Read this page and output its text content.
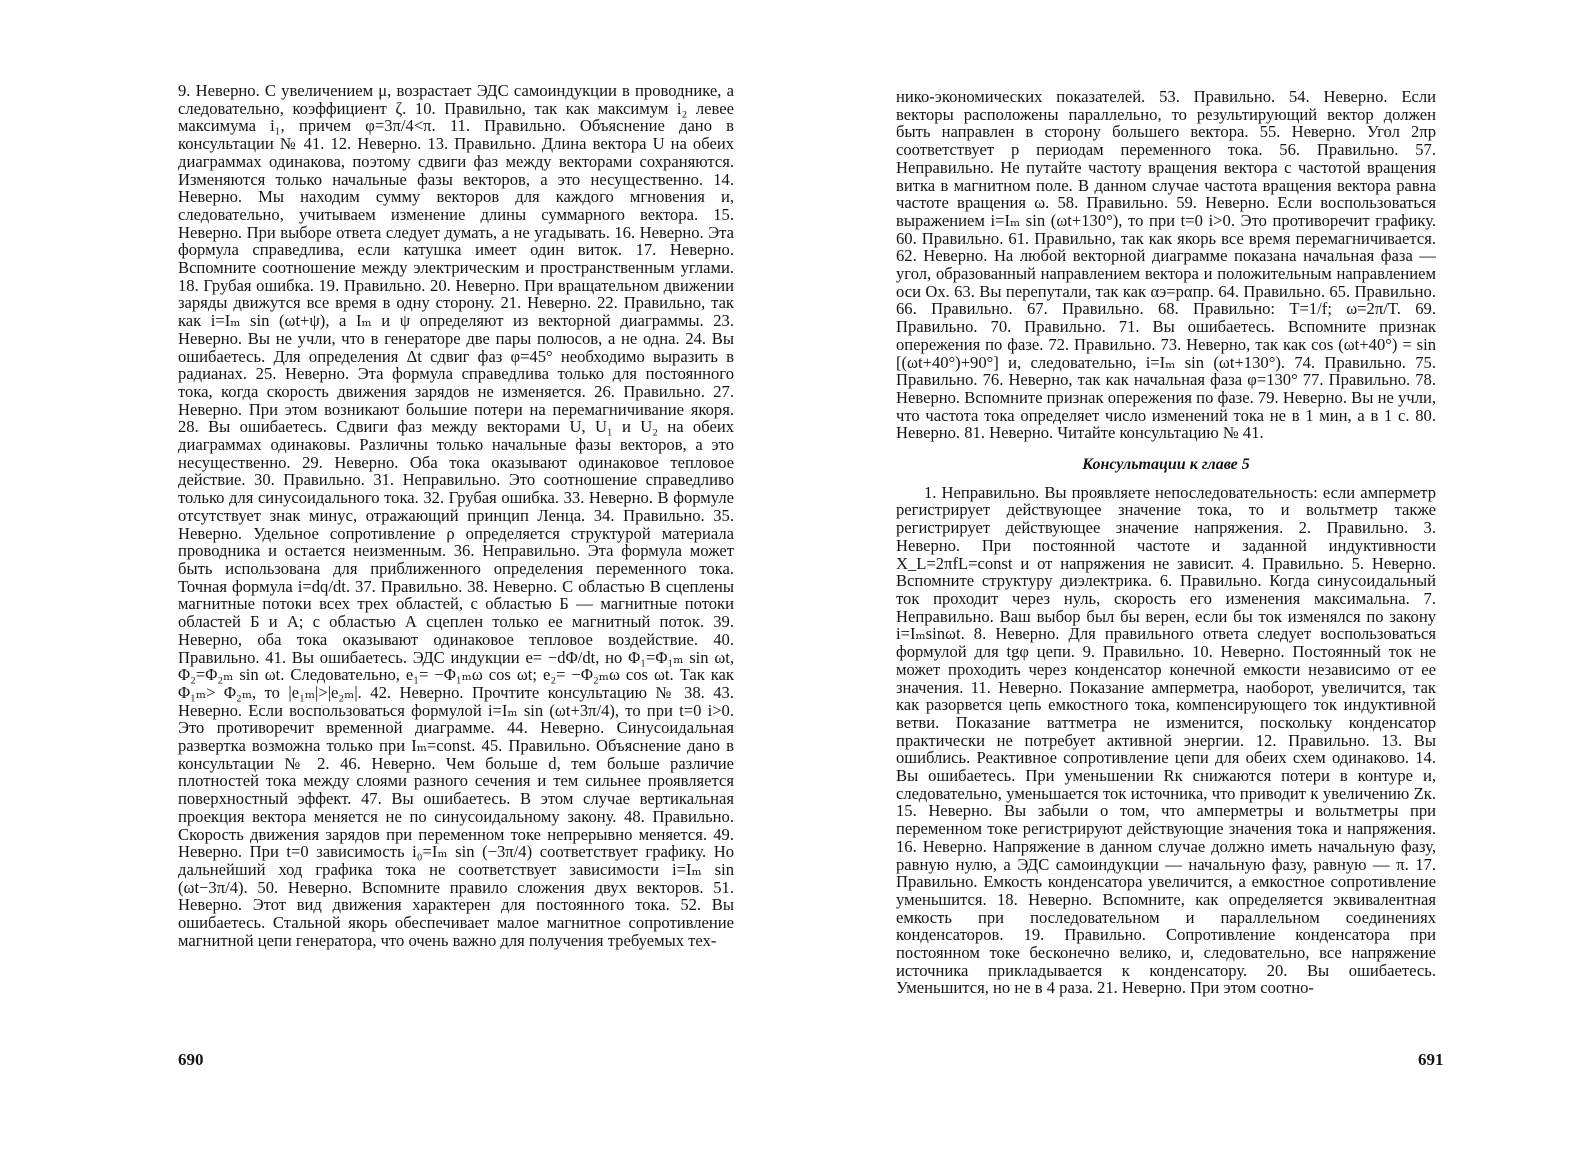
9. Неверно. С увеличением μ, возрастает ЭДС самоиндукции в проводнике, а следовательно, коэффициент ζ. 10. Правильно, так как максимум i₂ левее максимума i₁, причем φ=3π/4<π. 11. Правильно. Объяснение дано в консультации № 41. 12. Неверно. 13. Правильно. Длина вектора U на обеих диаграммах одинакова, поэтому сдвиги фаз между векторами сохраняются. Изменяются только начальные фазы векторов, а это несущественно. 14. Неверно. Мы находим сумму векторов для каждого мгновения и, следовательно, учитываем изменение длины суммарного вектора. 15. Неверно. При выборе ответа следует думать, а не угадывать. 16. Неверно. Эта формула справедлива, если катушка имеет один виток. 17. Неверно. Вспомните соотношение между электрическим и пространственным углами. 18. Грубая ошибка. 19. Правильно. 20. Неверно. При вращательном движении заряды движутся все время в одну сторону. 21. Неверно. 22. Правильно, так как i=Iₘ sin (ωt+ψ), а Iₘ и ψ определяют из векторной диаграммы. 23. Неверно. Вы не учли, что в генераторе две пары полюсов, а не одна. 24. Вы ошибаетесь. Для определения Δt сдвиг фаз φ=45° необходимо выразить в радианах. 25. Неверно. Эта формула справедлива только для постоянного тока, когда скорость движения зарядов не изменяется. 26. Правильно. 27. Неверно. При этом возникают большие потери на перемагничивание якоря. 28. Вы ошибаетесь. Сдвиги фаз между векторами U, U₁ и U₂ на обеих диаграммах одинаковы. Различны только начальные фазы векторов, а это несущественно. 29. Неверно. Оба тока оказывают одинаковое тепловое действие. 30. Правильно. 31. Неправильно. Это соотношение справедливо только для синусоидального тока. 32. Грубая ошибка. 33. Неверно. В формуле отсутствует знак минус, отражающий принцип Ленца. 34. Правильно. 35. Неверно. Удельное сопротивление ρ определяется структурой материала проводника и остается неизменным. 36. Неправильно. Эта формула может быть использована для приближенного определения переменного тока. Точная формула i=dq/dt. 37. Правильно. 38. Неверно. С областью В сцеплены магнитные потоки всех трех областей, с областью Б — магнитные потоки областей Б и А; с областью А сцеплен только ее магнитный поток. 39. Неверно, оба тока оказывают одинаковое тепловое воздействие. 40. Правильно. 41. Вы ошибаетесь. ЭДС индукции e= −dΦ/dt, но Φ₁=Φ₁ₘ sin ωt, Φ₂=Φ₂ₘ sin ωt. Следовательно, e₁= −Φ₁ₘω cos ωt; e₂= −Φ₂ₘω cos ωt. Так как Φ₁ₘ> Φ₂ₘ, то |e₁ₘ|>|e₂ₘ|. 42. Неверно. Прочтите консультацию № 38. 43. Неверно. Если воспользоваться формулой i=Iₘ sin (ωt+3π/4), то при t=0 i>0. Это противоречит временной диаграмме. 44. Неверно. Синусоидальная развертка возможна только при Iₘ=const. 45. Правильно. Объяснение дано в консультации № 2. 46. Неверно. Чем больше d, тем больше различие плотностей тока между слоями разного сечения и тем сильнее проявляется поверхностный эффект. 47. Вы ошибаетесь. В этом случае вертикальная проекция вектора меняется не по синусоидальному закону. 48. Правильно. Скорость движения зарядов при переменном токе непрерывно меняется. 49. Неверно. При t=0 зависимость i₀=Iₘ sin (−3π/4) соответствует графику. Но дальнейший ход графика тока не соответствует зависимости i=Iₘ sin (ωt−3π/4). 50. Неверно. Вспомните правило сложения двух векторов. 51. Неверно. Этот вид движения характерен для постоянного тока. 52. Вы ошибаетесь. Стальной якорь обеспечивает малое магнитное сопротивление магнитной цепи генератора, что очень важно для получения требуемых тех-

690

нико-экономических показателей. 53. Правильно. 54. Неверно. Если векторы расположены параллельно, то результирующий вектор должен быть направлен в сторону большего вектора. 55. Неверно. Угол 2πp соответствует p периодам переменного тока. 56. Правильно. 57. Неправильно. Не путайте частоту вращения вектора с частотой вращения витка в магнитном поле. В данном случае частота вращения вектора равна частоте вращения ω. 58. Правильно. 59. Неверно. Если воспользоваться выражением i=Iₘ sin (ωt+130°), то при t=0 i>0. Это противоречит графику. 60. Правильно. 61. Правильно, так как якорь все время перемагничивается. 62. Неверно. На любой векторной диаграмме показана начальная фаза — угол, образованный направлением вектора и положительным направлением оси Ox. 63. Вы перепутали, так как αэ=pαпр. 64. Правильно. 65. Правильно. 66. Правильно. 67. Правильно. 68. Правильно: T=1/f; ω=2π/T. 69. Правильно. 70. Правильно. 71. Вы ошибаетесь. Вспомните признак опережения по фазе. 72. Правильно. 73. Неверно, так как cos (ωt+40°) = sin [(ωt+40°)+90°] и, следовательно, i=Iₘ sin (ωt+130°). 74. Правильно. 75. Правильно. 76. Неверно, так как начальная фаза φ=130° 77. Правильно. 78. Неверно. Вспомните признак опережения по фазе. 79. Неверно. Вы не учли, что частота тока определяет число изменений тока не в 1 мин, а в 1 с. 80. Неверно. 81. Неверно. Читайте консультацию № 41.

Консультации к главе 5

1. Неправильно. Вы проявляете непоследовательность: если амперметр регистрирует действующее значение тока, то и вольтметр также регистрирует действующее значение напряжения. 2. Правильно. 3. Неверно. При постоянной частоте и заданной индуктивности X_L=2πfL=const и от напряжения не зависит. 4. Правильно. 5. Неверно. Вспомните структуру диэлектрика. 6. Правильно. Когда синусоидальный ток проходит через нуль, скорость его изменения максимальна. 7. Неправильно. Ваш выбор был бы верен, если бы ток изменялся по закону i=Iₘsinωt. 8. Неверно. Для правильного ответа следует воспользоваться формулой для tgφ цепи. 9. Правильно. 10. Неверно. Постоянный ток не может проходить через конденсатор конечной емкости независимо от ее значения. 11. Неверно. Показание амперметра, наоборот, увеличится, так как разорвется цепь емкостного тока, компенсирующего ток индуктивной ветви. Показание ваттметра не изменится, поскольку конденсатор практически не потребует активной энергии. 12. Правильно. 13. Вы ошиблись. Реактивное сопротивление цепи для обеих схем одинаково. 14. Вы ошибаетесь. При уменьшении Rк снижаются потери в контуре и, следовательно, уменьшается ток источника, что приводит к увеличению Zк. 15. Неверно. Вы забыли о том, что амперметры и вольтметры при переменном токе регистрируют действующие значения тока и напряжения. 16. Неверно. Напряжение в данном случае должно иметь начальную фазу, равную нулю, а ЭДС самоиндукции — начальную фазу, равную — π. 17. Правильно. Емкость конденсатора увеличится, а емкостное сопротивление уменьшится. 18. Неверно. Вспомните, как определяется эквивалентная емкость при последовательном и параллельном соединениях конденсаторов. 19. Правильно. Сопротивление конденсатора при постоянном токе бесконечно велико, и, следовательно, все напряжение источника прикладывается к конденсатору. 20. Вы ошибаетесь. Уменьшится, но не в 4 раза. 21. Неверно. При этом соотно-

691
